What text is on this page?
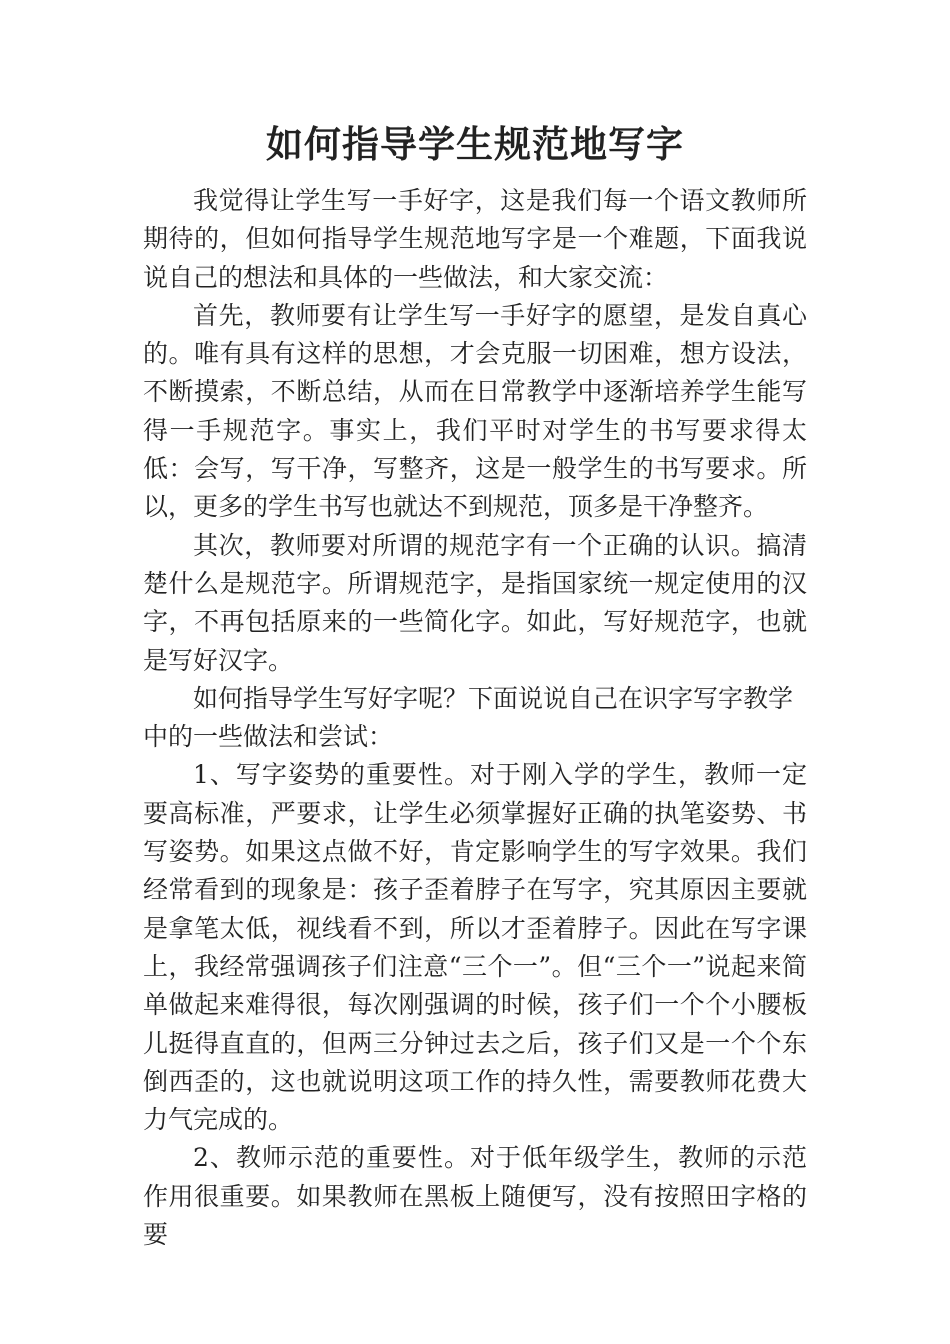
如何指导学生规范地写字

我觉得让学生写一手好字，这是我们每一个语文教师所期待的，但如何指导学生规范地写字是一个难题，下面我说说自己的想法和具体的一些做法，和大家交流：

首先，教师要有让学生写一手好字的愿望，是发自真心的。唯有具有这样的思想，才会克服一切困难，想方设法，不断摸索，不断总结，从而在日常教学中逐渐培养学生能写得一手规范字。事实上，我们平时对学生的书写要求得太低：会写，写干净，写整齐，这是一般学生的书写要求。所以，更多的学生书写也就达不到规范，顶多是干净整齐。

其次，教师要对所谓的规范字有一个正确的认识。搞清楚什么是规范字。所谓规范字，是指国家统一规定使用的汉字，不再包括原来的一些简化字。如此，写好规范字，也就是写好汉字。

如何指导学生写好字呢？下面说说自己在识字写字教学中的一些做法和尝试：

1、写字姿势的重要性。对于刚入学的学生，教师一定要高标准，严要求，让学生必须掌握好正确的执笔姿势、书写姿势。如果这点做不好，肯定影响学生的写字效果。我们经常看到的现象是：孩子歪着脖子在写字，究其原因主要就是拿笔太低，视线看不到，所以才歪着脖子。因此在写字课上，我经常强调孩子们注意“三个一”。但“三个一”说起来简单做起来难得很，每次刚强调的时候，孩子们一个个小腰板儿挺得直直的，但两三分钟过去之后，孩子们又是一个个东倒西歪的，这也就说明这项工作的持久性，需要教师花费大力气完成的。

2、教师示范的重要性。对于低年级学生，教师的示范作用很重要。如果教师在黑板上随便写，没有按照田字格的要
